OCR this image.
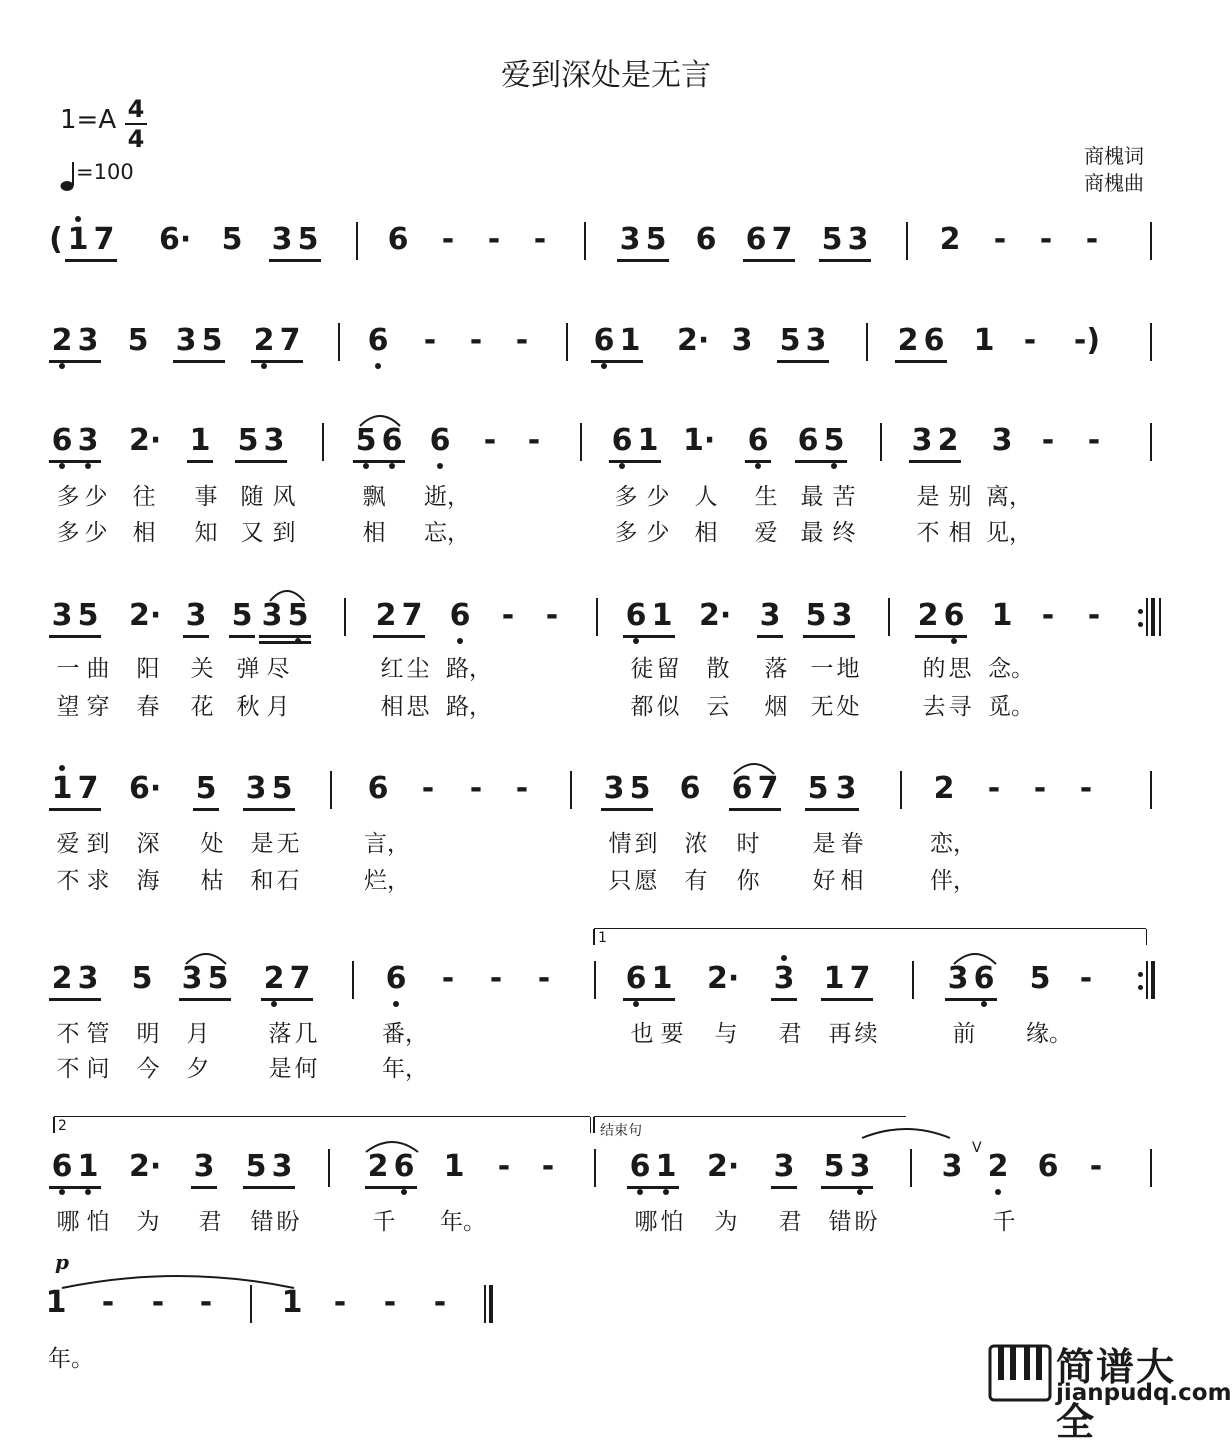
爱到深处是无言
1=A 4
4
=100
商槐词
商槐曲
( 1 7 6· 5 3 5 6 - - - 3 5 6 6 7 5 3 2 - - -
2 3 5 3 5 2 7 6 - - - 6 1 2· 3 5 3 2 6 1 - -)
6 3 2· 1 5 3 5 6 6 - - 6 1 1· 6 6 5 3 2 3 - -
3 5 2· 3 5 3 5 2 7 6 - - 6 1 2· 3 5 3 2 6 1 - -
1 7 6· 5 3 5	6 - - -	3 5 6 6 7 5 3	2 - - -
2 3 5 3 5 2 7	6 - - -	6 1 2· 3 1 7	3 6 5 -
6 1 2· 3 5 3	2 6 1 - -	6 1 2· 3 5 3 3 2 6 -
1 - - - 1 - - -
多 少	往	事	随 风	飘	逝，	多 少	人	生	最 苦	是 别 离，
多 少	相	知	又 到	相	忘，	多 少	相	爱	最 终	不 相 见，
一 曲	阳	关	弹 尽	红 尘 路，	徒 留	散	落	一 地	的 思 念。
望 穿	春	花	秋 月	相 思 路，	都 似	云	烟	无 处	去 寻 觅。
爱 到	深	处	是 无	言，	情 到	浓	时	是 眷	恋，
不 求	海	枯	和 石	烂，	只 愿	有	你	好 相	伴，
不 管	明	月	落 几	番，	也 要	与	君	再 续	前	缘。
不 问	今	夕	是 何	年，
哪 怕	为	君	错 盼	千	年。	哪 怕	为	君	错 盼	千
年。
1
2	结束句
p
V
简谱大全
jianpudq.com
